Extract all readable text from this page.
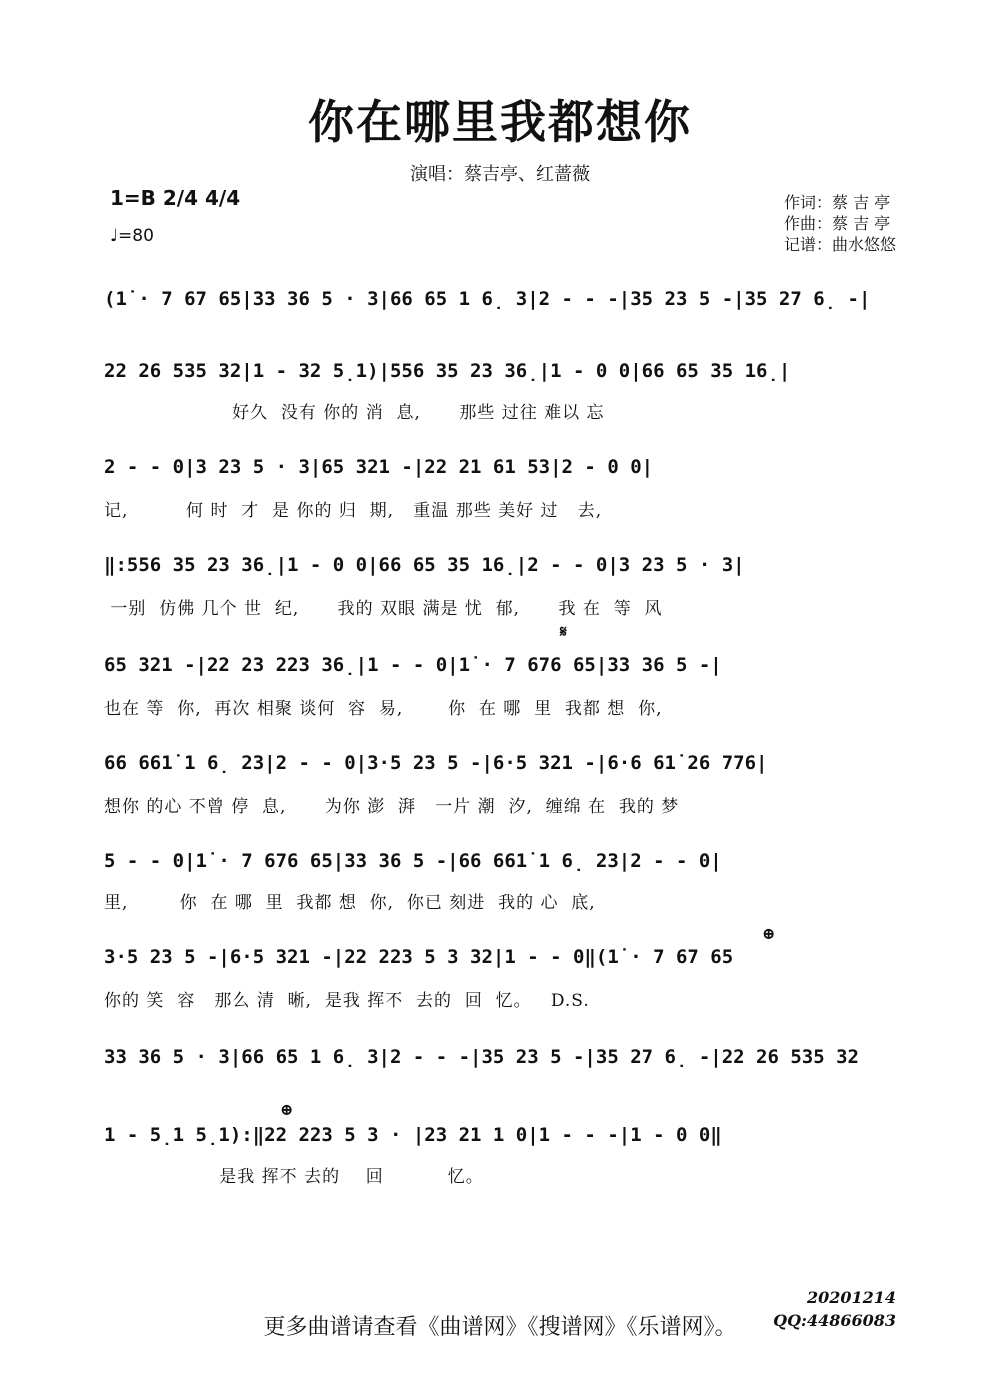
你在哪里我都想你
演唱：蔡吉亭、红蔷薇
1=B 2/4 4/4
♩=80
作词：蔡 吉 亭
作曲：蔡 吉 亭
记谱：曲水悠悠
(1̇ · 7 67 65|33 36 5 · 3|66 65 1 6̣ 3|2 - - -|35 23 5 -|35 27 6̣ -|
22 26 535 32|1 - 32 5̣1)|556 35 23 36̣|1 - 0 0|66 65 35 16̣|
好久  没有 你的 消  息,      那些 过往 难以 忘
2 - - 0|3 23 5 · 3|65 321 -|22 21 61 53|2 - 0 0|
记,         何 时  才  是 你的 归  期,   重温 那些 美好 过   去,
‖:556 35 23 36̣|1 - 0 0|66 65 35 16̣|2 - - 0|3 23 5 · 3|
一别  仿佛 几个 世  纪,      我的 双眼 满是 忧  郁,      我 在  等  风
𝄋
65 321 -|22 23 223 36̣|1 - - 0|1̇ · 7 676 65|33 36 5 -|
也在 等  你,  再次 相聚 谈何  容  易,       你  在 哪  里  我都 想  你,
66 661̇ 1 6̣ 23|2 - - 0|3·5 23 5 -|6·5 321 -|6·6 61̇ 26 776|
想你 的心 不曾 停  息,      为你 澎  湃   一片 潮  汐,  缠绵 在  我的 梦
5 - - 0|1̇ · 7 676 65|33 36 5 -|66 661̇ 1 6̣ 23|2 - - 0|
里,        你  在 哪  里  我都 想  你,  你已 刻进  我的 心  底,
⊕
3·5 23 5 -|6·5 321 -|22 223 5 3 32|1 - - 0‖(1̇ · 7 67 65
你的 笑  容   那么 清  晰,  是我 挥不  去的  回  忆。   D.S.
33 36 5 · 3|66 65 1 6̣ 3|2 - - -|35 23 5 -|35 27 6̣ -|22 26 535 32
⊕
1 - 5̣1 5̣1):‖22 223 5 3 · |23 21 1 0|1 - - -|1 - 0 0‖
是我 挥不 去的    回          忆。
20201214
QQ:44866083
更多曲谱请查看《曲谱网》《搜谱网》《乐谱网》。
